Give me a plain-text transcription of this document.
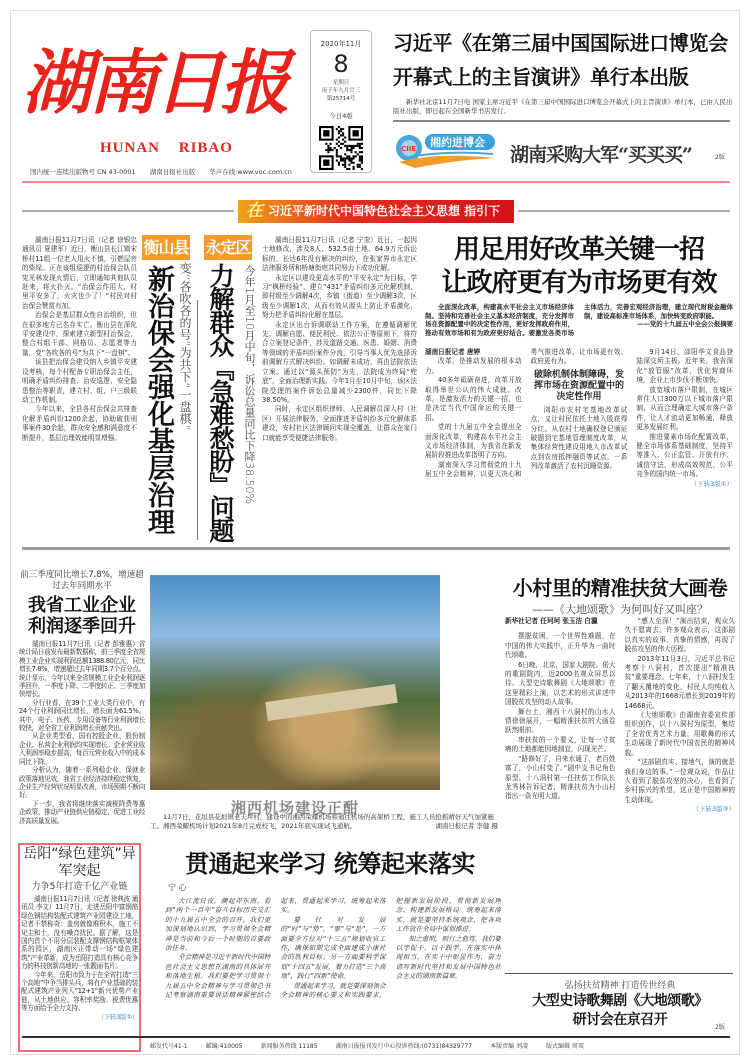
湖南日报
HUNAN RIBAO
国内统一连续出版物号 CN 43-0001 湖南日报社出版 华声在线:www.voc.com.cn
2020年11月
8
星期日
庚子年九月廿三
第25714号
今日4版
习近平《在第三届中国国际进口博览会
开幕式上的主旨演讲》单行本出版
新华社北京11月7日电 国家主席习近平《在第三届中国国际进口博览会开幕式上的主旨演讲》单行本，已由人民出版社出版，即日起在全国新华书店发行。
CIIE 湘约进博会
湖南采购大军“买买买”	2版
在 习近平新时代中国特色社会主义思想 指引下

湖南日报11月7日讯（记者 徐银忠 通讯员 夏建军）近日，衡山县长江镇宋桥村11组一位老人用火不慎，引燃屋旁的柴垛。正在该组巡逻的村治保会队员宪光林发现火情后，立即通知其他队员赶来，将火扑灭。“治保会作用大，村里平安多了，火灾也少了！”村民对村治保会赞赏有加。

治保会是基层群众性自治组织，但在很多地方已名存实亡。衡山县在深化平安建设中，探索建立新型村治保会，整合村组干部、网格员、志愿者等力量，变“各吹各的号”为共下“一盘棋”。

该县把治保会建设纳入乡镇平安建设考核，每个村配备专职治保会主任，明确矛盾纠纷排查、治安巡逻、安全隐患整治等职责，建立村、组、户三级联动工作机制。

今年以来，全县各村治保会共排查化解矛盾纠纷1200余起，协助破获刑事案件30余起，群众安全感和满意度不断提升，基层治理效能明显增强。

衡山县
新治保会强化基层治理 变“各吹各的号”为共下“一盘棋”
永定区
力解群众『急难愁盼』问题 今年1月至10月中旬，诉讼总量同比下降38.50%

湖南日报11月7日讯（记者 宁奎）近日，一起因土地修改，涉及8人、532.5亩土地、64.9万元诉讼标的、长达6年没有解决的纠纷，在张家界市永定区法律服务所和桥塘街庭共同努力下成功化解。

永定区以建设更高水平的“平安永定”为目标，学习“枫桥经验”，建立“431”矛盾纠纷多元化解机制，即村级至少调解4次，乡镇（街道）至少调解3次，区级至少调解1次，从而有效从源头上防止矛盾激化，努力把矛盾纠纷化解在基层。

永定区出台诉调联动工作方案，在遵循调解优先、调解自愿、便民利民、依法公正等原则下，将符合立案登记条件，涉及道路交通、医患、婚姻、消费等领域的矛盾纠纷案件分流，引导当事人优先选择诉前调解方式解决纠纷。如调解未成功，再由法院依法立案。通过以“源头预防”为先，法院成为终局“兜底”，全面治理新实践。今年1月至10月中旬，该区法院受理的案件诉讼总量减少2300件，同比下降38.50%。

同时，永定区组织律师、人民调解员深入村（社区）开展法律服务，全面推进矛盾纠纷多元化解体系建设，安村社区法律顾问实现全覆盖，让群众在家门口就能享受便捷法律服务。

用足用好改革关键一招
让政府更有为市场更有效

全面深化改革，构建高水平社会主义市场经济体制。坚持和完善社会主义基本经济制度，充分发挥市场在资源配置中的决定性作用，更好发挥政府作用，推动有效市场和有为政府更好结合。要激发各类市场主体活力，完善宏观经济治理，建立现代财税金融体制，建设高标准市场体系，加快转变政府职能。

——党的十九届五中全会公报摘要
湖南日报记者 唐婷

改革，是推动发展的根本动力。

40多年砥砺奋进，改革开放取得举世公认的伟大成就。改革，是激发活力的关键一招，也是决定当代中国命运的关键一招。

党的十九届五中全会提出全面深化改革，构建高水平社会主义市场经济体制，为我省在新发展阶段推进改革指明了方向。

湖南深入学习贯彻党的十九届五中全会精神，以更大决心和勇气推进改革，让市场更有效、政府更有为。

破除机制体制障碍，发挥市场在资源配置中的决定性作用

浏阳市农村宅基地改革试点，又让村民依托土地入股获得分红。从农村土地确权登记颁证破题到宅基地管理制度改革，从集体经营性建设用地入市改革试点到农房抵押融资等试点，一系列改革激活了农村沉睡资源。

9月14日，邵阳华文食品登陆深交所主板。近年来，我省深化“放管服”改革，优化营商环境，企业上市步伐不断加快。

放宽城市落户限制，在城区常住人口300万以下城市落户限制，从而合理确定大城市落户条件，让人才流动更加畅通，释放更多发展红利。

推进要素市场化配置改革，健全市场体系基础制度，坚持平等准入、公正监管、开放有序、诚信守法，形成高效规范、公平竞争的国内统一市场。

（下转3版①）
前三季度同比增长7.8%，增速超过去年同期水平
我省工业企业利润逐季回升

湖南日报11月7日讯（记者 彭雅惠）省统计局日前发布最新数据称，前三季度全省规模工业企业实现利润总额1388.80亿元，同比增长7.8%，增速超过去年同期3.7个百分点。统计显示，今年以来全省规模工业企业利润逐季回升，一季度下降、二季度转正、三季度加快增长。

分行业看，在39个工业大类行业中，有24个行业利润同比增长，增长面为61.5%。其中，电子、医药、专用设备等行业利润增长较快，对全省工业利润增长贡献突出。

从企业类型看，国有控股企业、股份制企业、私营企业利润均实现增长。企业营业收入利润率稳步提高，每百元营业收入中的成本同比下降。

分析认为，随着一系列稳企业、保就业政策落地见效，我省工业经济持续稳定恢复，企业生产经营状况明显改善，市场预期不断向好。

下一步，我省将继续落实减税降费等惠企政策，推动产业链供应链稳定，促进工业经济高质量发展。

湘西机场建设正酣
11月7日，花垣县花垣镇老天坪村，建设中的湘西荣耀机场和通往机场的高架桥工程，施工人员抢抓晴好天气加紧施工。湘西荣耀机场计划2021年8月完成校飞，2021年底实现试飞通航。	湖南日报记者 李健 摄
小村里的精准扶贫大画卷
——《大地颂歌》为何叫好又叫座？
新华社记者 任珂珂 张玉洁 白瀛

摆脱贫困，一个世界性难题，在中国的伟大实践中，正升华为一曲时代颂歌。

6日晚，北京，国家大剧院。偌大的歌剧院内，近2000名观众屏息以待。大型史诗歌舞剧《大地颂歌》在这里精彩上演，以艺术的形式讲述中国脱贫攻坚的动人故事。

舞台上，湘西十八洞村的山水人情徐徐展开，一幅精准扶贫的大画卷跃然眼前。

串扶贫的一个要义，让每一寸贫瘠的土地都能因地制宜，闪现光芒。

“路修好了，自来水通了，老百姓富了，小山村变了。”剧中支书记角色原型，十八洞村第一任扶贫工作队长龙秀林告诉记者，精准扶贫为小山村指出一条光明大道。

“感人至深！”演出结束，观众久久不愿离去。许多观众表示，这部剧以真实的故事、真挚的情感，再现了脱贫攻坚的伟大历程。

2013年11月3日，习近平总书记考察十八洞村，首次提出“精准扶贫”重要理念。七年来，十八洞村发生了翻天覆地的变化，村民人均纯收入从2013年的1668元增长到2019年的14668元。

《大地颂歌》由湖南省委宣传部组织创作，以十八洞村为原型，集结了全省优秀艺术力量，用歌舞的形式生动展现了新时代中国农民的精神风貌。

“这部剧真实、接地气，演的就是我们身边的事。”一位观众说，作品让人看到了脱贫攻坚的决心，也看到了乡村振兴的希望，这正是中国精神的生动体现。

（下转3版③）
贯通起来学习 统筹起来落实
宁 心

大江流日夜，潮起弄东南。看到“两个一百年”奋斗目标历史交汇的十九届五中全会的召开，我们更加深刻地认识到，学习贯彻全会精神是当前和今后一个时期的首要政治任务。

全会精神是习近平新时代中国特色社会主义思想在湖南的具体展开和落地生根。我们要把学习贯彻十九届五中全会精神与学习贯彻总书记考察湖南重要讲话精神紧密结合起来，贯通起来学习，统筹起来落实。

要针对发展的“时”与“势”，“事”与“是”，一方面要全方位对“十三五”规划收官工作，确保如期完成全面建成小康社会的胜利目标；另一方面要科学谋划“十四五”发展，着力打造“三个高地”，践行“四新”使命。

贯通起来学习，就是要深刻领会全会精神的核心要义和实践要求，把握新发展阶段、贯彻新发展理念、构建新发展格局。统筹起来落实，就是要坚持系统观念，把各项工作放在全局中谋划推进。

知之愈明，则行之愈笃。我们要以学促干、以干践学，在落实中体现担当，在实干中彰显作为，奋力谱写新时代坚持和发展中国特色社会主义的湖南新篇章。

岳阳“绿色建筑”异军突起
力争5年打造千亿产业链

湖南日报11月7日讯（记者 徐典波 通讯员 李文）11月7日，走进岳阳中富钢筋绿色钢结构装配式建筑产业园建设工地，记者不禁称奇：盖房就像堆积木，施工不见尘和土，没有噪音扰民。据了解，这是国内首个不用分层装配支撑钢结构框架体系的园区，湖南区正带动一场“绿色建筑”产业革新，成为岳阳打造具有核心竞争力的科技创新高地的一张靓丽名片。

今年来，岳阳市致力于在全省打造“三个高地”中争当排头兵，将有产业基础的装配式建筑产业列入“12+1”新兴优势产业链，从土地供应、容积率奖励、税费优惠等方面给予全力支持。

（下转3版②）
弘扬扶贫精神 打造传世经典
大型史诗歌舞剧《大地颂歌》
研讨会在京召开	2版
邮发代号41-1	邮编:410005	新闻服务热线 11185	湖南日报报刊发行中心投诉热线:(0731)84329777	本版责编 刘凌	版式编辑 周双
